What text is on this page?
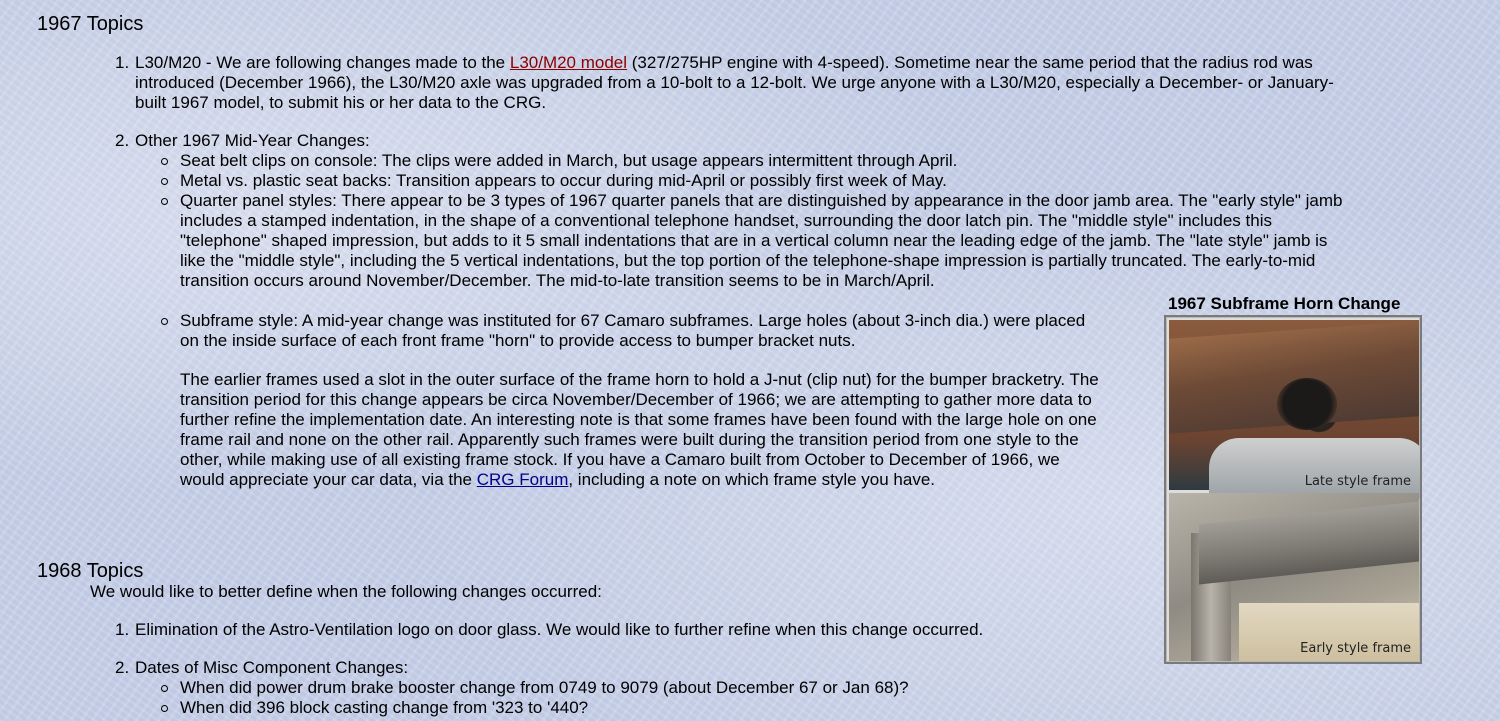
1967 Topics
1. L30/M20 - We are following changes made to the L30/M20 model (327/275HP engine with 4-speed). Sometime near the same period that the radius rod was
introduced (December 1966), the L30/M20 axle was upgraded from a 10-bolt to a 12-bolt. We urge anyone with a L30/M20, especially a December- or January-
built 1967 model, to submit his or her data to the CRG.
2. Other 1967 Mid-Year Changes:
Seat belt clips on console: The clips were added in March, but usage appears intermittent through April.
Metal vs. plastic seat backs: Transition appears to occur during mid-April or possibly first week of May.
Quarter panel styles: There appear to be 3 types of 1967 quarter panels that are distinguished by appearance in the door jamb area. The "early style" jamb
includes a stamped indentation, in the shape of a conventional telephone handset, surrounding the door latch pin. The "middle style" includes this
"telephone" shaped impression, but adds to it 5 small indentations that are in a vertical column near the leading edge of the jamb. The "late style" jamb is
like the "middle style", including the 5 vertical indentations, but the top portion of the telephone-shape impression is partially truncated. The early-to-mid
transition occurs around November/December. The mid-to-late transition seems to be in March/April.
Subframe style: A mid-year change was instituted for 67 Camaro subframes. Large holes (about 3-inch dia.) were placed
on the inside surface of each front frame "horn" to provide access to bumper bracket nuts.
The earlier frames used a slot in the outer surface of the frame horn to hold a J-nut (clip nut) for the bumper bracketry. The
transition period for this change appears be circa November/December of 1966; we are attempting to gather more data to
further refine the implementation date. An interesting note is that some frames have been found with the large hole on one
frame rail and none on the other rail. Apparently such frames were built during the transition period from one style to the
other, while making use of all existing frame stock. If you have a Camaro built from October to December of 1966, we
would appreciate your car data, via the CRG Forum, including a note on which frame style you have.
1967 Subframe Horn Change
Late style frame
Early style frame
1968 Topics
We would like to better define when the following changes occurred:
1. Elimination of the Astro-Ventilation logo on door glass. We would like to further refine when this change occurred.
2. Dates of Misc Component Changes:
When did power drum brake booster change from 0749 to 9079 (about December 67 or Jan 68)?
When did 396 block casting change from '323 to '440?
